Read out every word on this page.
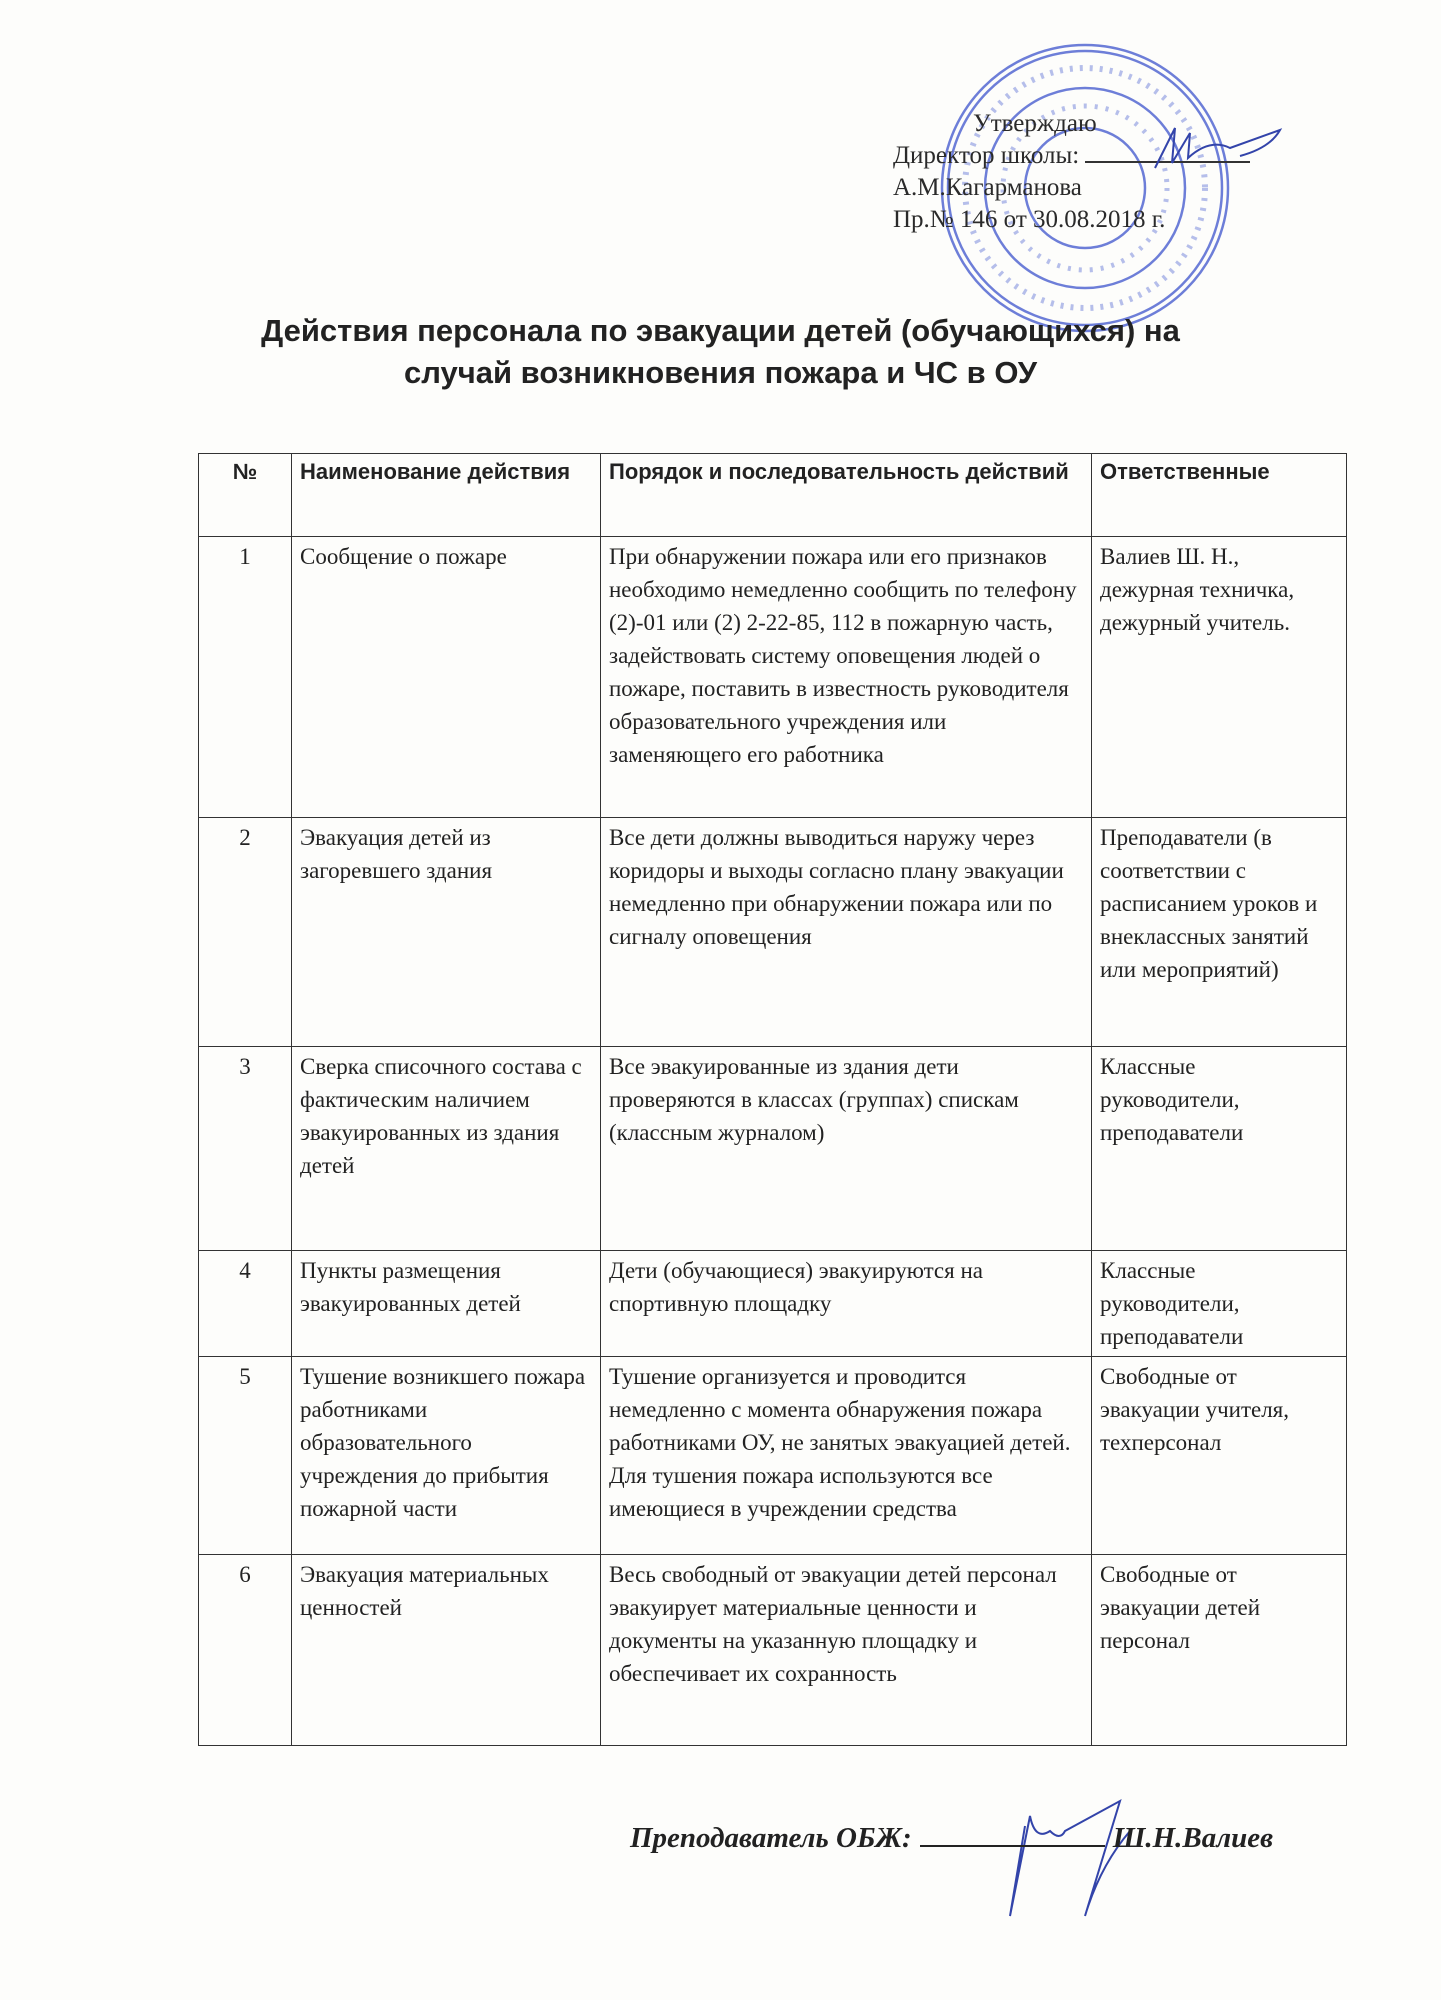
Утверждаю
Директор школы:
А.М.Кагарманова
Пр.№ 146 от 30.08.2018 г.
Действия персонала по эвакуации детей (обучающихся) на
случай возникновения пожара и ЧС в ОУ
№	Наименование действия	Порядок и последовательность действий	Ответственные
1	Сообщение о пожаре	При обнаружении пожара или его признаков необходимо немедленно сообщить по телефону (2)-01 или (2) 2-22-85, 112 в пожарную часть, задействовать систему оповещения людей о пожаре, поставить в известность руководителя образовательного учреждения или заменяющего его работника	Валиев Ш. Н., дежурная техничка, дежурный учитель.
2	Эвакуация детей из загоревшего здания	Все дети должны выводиться наружу через коридоры и выходы согласно плану эвакуации немедленно при обнаружении пожара или по сигналу оповещения	Преподаватели (в соответствии с расписанием уроков и внеклассных занятий или мероприятий)
3	Сверка списочного состава с фактическим наличием эвакуированных из здания детей	Все эвакуированные из здания дети проверяются в классах (группах) спискам (классным журналом)	Классные руководители, преподаватели
4	Пункты размещения эвакуированных детей	Дети (обучающиеся) эвакуируются на спортивную площадку	Классные руководители, преподаватели
5	Тушение возникшего пожара работниками образовательного учреждения до прибытия пожарной части	Тушение организуется и проводится немедленно с момента обнаружения пожара работниками ОУ, не занятых эвакуацией детей. Для тушения пожара используются все имеющиеся в учреждении средства	Свободные от эвакуации учителя, техперсонал
6	Эвакуация материальных ценностей	Весь свободный от эвакуации детей персонал эвакуирует материальные ценности и документы на указанную площадку и обеспечивает их сохранность	Свободные от эвакуации детей персонал
Преподаватель ОБЖ:	Ш.Н.Валиев
